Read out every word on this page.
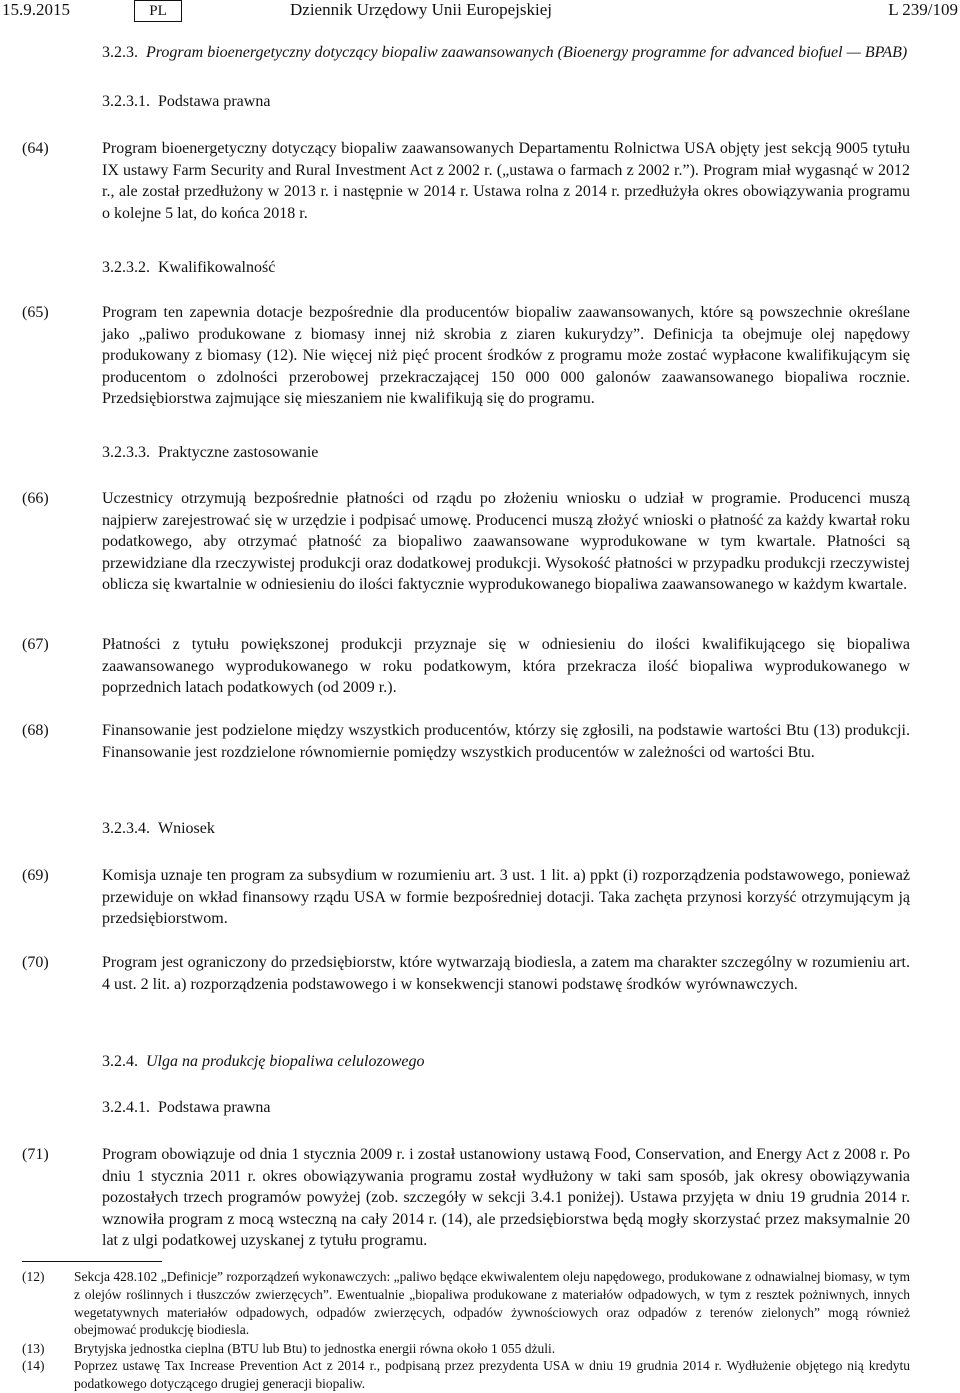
15.9.2015	PL	Dziennik Urzędowy Unii Europejskiej	L 239/109
3.2.3. Program bioenergetyczny dotyczący biopaliw zaawansowanych (Bioenergy programme for advanced biofuel — BPAB)
3.2.3.1. Podstawa prawna
(64)	Program bioenergetyczny dotyczący biopaliw zaawansowanych Departamentu Rolnictwa USA objęty jest sekcją 9005 tytułu IX ustawy Farm Security and Rural Investment Act z 2002 r. („ustawa o farmach z 2002 r.”). Program miał wygasnąć w 2012 r., ale został przedłużony w 2013 r. i następnie w 2014 r. Ustawa rolna z 2014 r. przedłużyła okres obowiązywania programu o kolejne 5 lat, do końca 2018 r.
3.2.3.2. Kwalifikowalność
(65)	Program ten zapewnia dotacje bezpośrednie dla producentów biopaliw zaawansowanych, które są powszechnie określane jako „paliwo produkowane z biomasy innej niż skrobia z ziaren kukurydzy”. Definicja ta obejmuje olej napędowy produkowany z biomasy (12). Nie więcej niż pięć procent środków z programu może zostać wypłacone kwalifikującym się producentom o zdolności przerobowej przekraczającej 150 000 000 galonów zaawansowanego biopaliwa rocznie. Przedsiębiorstwa zajmujące się mieszaniem nie kwalifikują się do programu.
3.2.3.3. Praktyczne zastosowanie
(66)	Uczestnicy otrzymują bezpośrednie płatności od rządu po złożeniu wniosku o udział w programie. Producenci muszą najpierw zarejestrować się w urzędzie i podpisać umowę. Producenci muszą złożyć wnioski o płatność za każdy kwartał roku podatkowego, aby otrzymać płatność za biopaliwo zaawansowane wyprodukowane w tym kwartale. Płatności są przewidziane dla rzeczywistej produkcji oraz dodatkowej produkcji. Wysokość płatności w przypadku produkcji rzeczywistej oblicza się kwartalnie w odniesieniu do ilości faktycznie wyprodukowanego biopaliwa zaawansowanego w każdym kwartale.
(67)	Płatności z tytułu powiększonej produkcji przyznaje się w odniesieniu do ilości kwalifikującego się biopaliwa zaawansowanego wyprodukowanego w roku podatkowym, która przekracza ilość biopaliwa wyprodukowanego w poprzednich latach podatkowych (od 2009 r.).
(68)	Finansowanie jest podzielone między wszystkich producentów, którzy się zgłosili, na podstawie wartości Btu (13) produkcji. Finansowanie jest rozdzielone równomiernie pomiędzy wszystkich producentów w zależności od wartości Btu.
3.2.3.4. Wniosek
(69)	Komisja uznaje ten program za subsydium w rozumieniu art. 3 ust. 1 lit. a) ppkt (i) rozporządzenia podstawowego, ponieważ przewiduje on wkład finansowy rządu USA w formie bezpośredniej dotacji. Taka zachęta przynosi korzyść otrzymującym ją przedsiębiorstwom.
(70)	Program jest ograniczony do przedsiębiorstw, które wytwarzają biodiesla, a zatem ma charakter szczególny w rozumieniu art. 4 ust. 2 lit. a) rozporządzenia podstawowego i w konsekwencji stanowi podstawę środków wyrównawczych.
3.2.4. Ulga na produkcję biopaliwa celulozowego
3.2.4.1. Podstawa prawna
(71)	Program obowiązuje od dnia 1 stycznia 2009 r. i został ustanowiony ustawą Food, Conservation, and Energy Act z 2008 r. Po dniu 1 stycznia 2011 r. okres obowiązywania programu został wydłużony w taki sam sposób, jak okresy obowiązywania pozostałych trzech programów powyżej (zob. szczegóły w sekcji 3.4.1 poniżej). Ustawa przyjęta w dniu 19 grudnia 2014 r. wznowiła program z mocą wsteczną na cały 2014 r. (14), ale przedsiębiorstwa będą mogły skorzystać przez maksymalnie 20 lat z ulgi podatkowej uzyskanej z tytułu programu.
(12) Sekcja 428.102 „Definicje” rozporządzeń wykonawczych: „paliwo będące ekwiwalentem oleju napędowego, produkowane z odnawialnej biomasy, w tym z olejów roślinnych i tłuszczów zwierzęcych”. Ewentualnie „biopaliwa produkowane z materiałów odpadowych, w tym z resztek pożniwnych, innych wegetatywnych materiałów odpadowych, odpadów zwierzęcych, odpadów żywnościowych oraz odpadów z terenów zielonych” mogą również obejmować produkcję biodiesla.
(13) Brytyjska jednostka cieplna (BTU lub Btu) to jednostka energii równa około 1 055 dżuli.
(14) Poprzez ustawę Tax Increase Prevention Act z 2014 r., podpisaną przez prezydenta USA w dniu 19 grudnia 2014 r. Wydłużenie objętego nią kredytu podatkowego dotyczącego drugiej generacji biopaliw.
